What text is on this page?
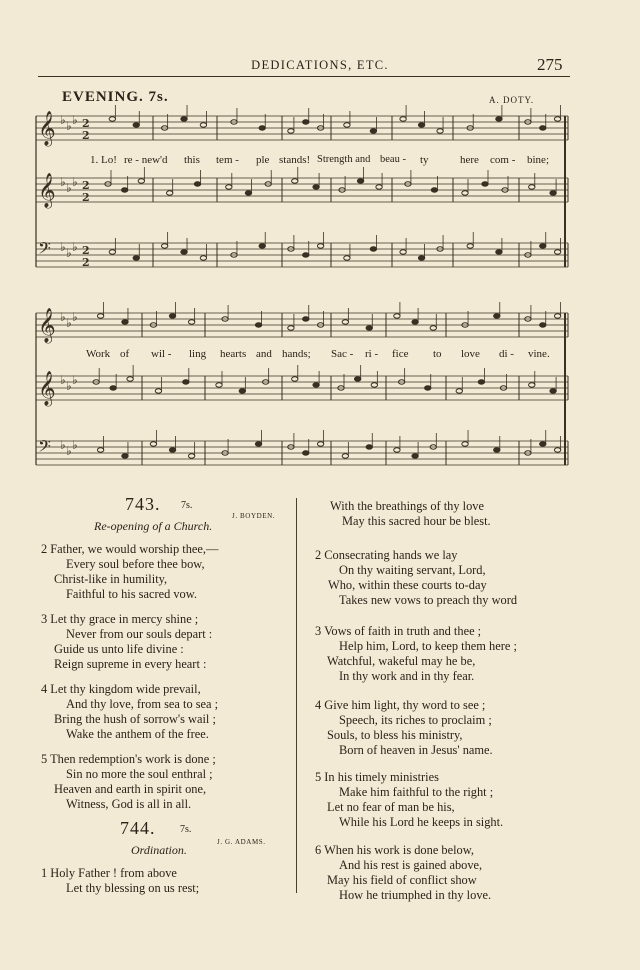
DEDICATIONS, ETC.	275
EVENING. 7s.	A. DOTY.
𝄞 ♭ ♭ ♭ 2
2
𝄞 ♭ ♭ ♭ 2
2
𝄢 ♭ ♭ ♭ 2
2
𝄞 ♭ ♭ ♭
𝄞 ♭ ♭ ♭
𝄢 ♭ ♭ ♭
1. Lo! re - new'd this tem - ple stands! Strength and beau - ty	here com - bine;
Work of wil - ling hearts and hands; Sac - ri - fice to love di - vine.
743. 7s.
J. BOYDEN.
Re-opening of a Church.
2 Father, we would worship thee,—
Every soul before thee bow,
Christ-like in humility,
Faithful to his sacred vow.
3 Let thy grace in mercy shine ;
Never from our souls depart :
Guide us unto life divine :
Reign supreme in every heart :
4 Let thy kingdom wide prevail,
And thy love, from sea to sea ;
Bring the hush of sorrow's wail ;
Wake the anthem of the free.
5 Then redemption's work is done ;
Sin no more the soul enthral ;
Heaven and earth in spirit one,
Witness, God is all in all.
744. 7s.
J. G. ADAMS.
Ordination.
1 Holy Father ! from above
Let thy blessing on us rest;
With the breathings of thy love
May this sacred hour be blest.
2 Consecrating hands we lay
On thy waiting servant, Lord,
Who, within these courts to-day
Takes new vows to preach thy word
3 Vows of faith in truth and thee ;
Help him, Lord, to keep them here ;
Watchful, wakeful may he be,
In thy work and in thy fear.
4 Give him light, thy word to see ;
Speech, its riches to proclaim ;
Souls, to bless his ministry,
Born of heaven in Jesus' name.
5 In his timely ministries
Make him faithful to the right ;
Let no fear of man be his,
While his Lord he keeps in sight.
6 When his work is done below,
And his rest is gained above,
May his field of conflict show
How he triumphed in thy love.
